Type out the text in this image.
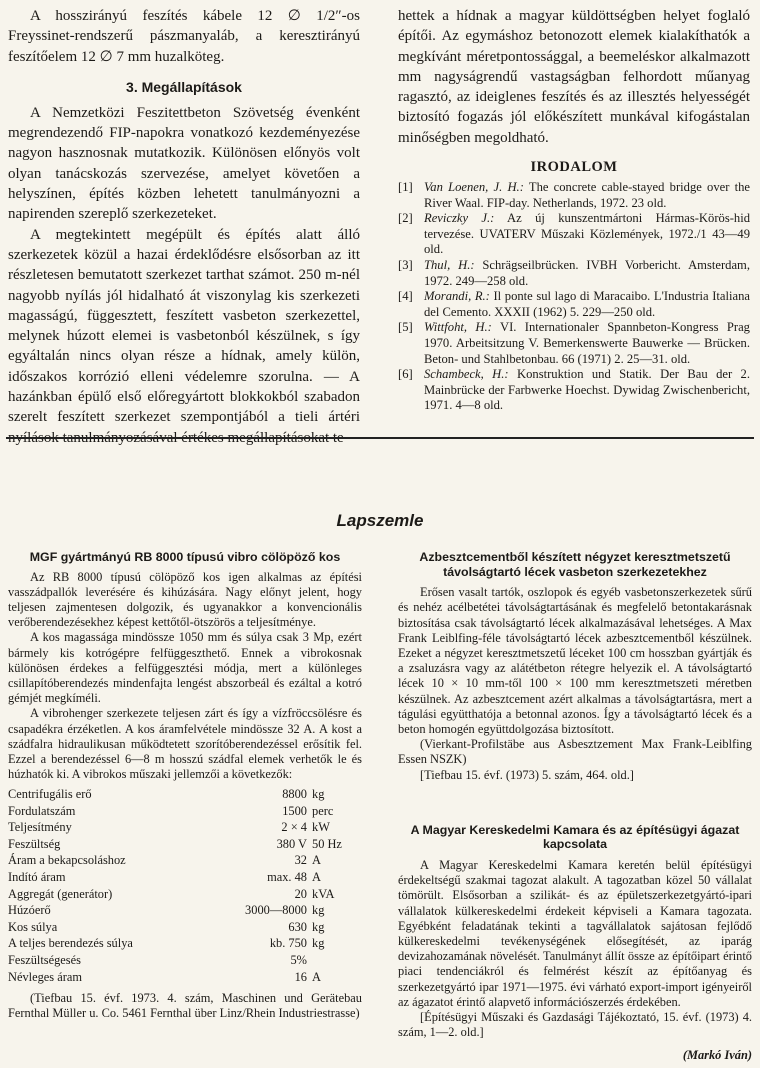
A hosszirányú feszítés kábele 12 ∅ 1/2″-os Freyssinet-rendszerű pászmanyaláb, a keresztirányú feszítőelem 12 ∅ 7 mm huzalköteg.

3. Megállapítások

A Nemzetközi Feszitettbeton Szövetség évenként megrendezendő FIP-napokra vonatkozó kezdeményezése nagyon hasznosnak mutatkozik. Különösen előnyös volt olyan tanácskozás szervezése, amelyet követően a helyszínen, építés közben lehetett tanulmányozni a napirenden szereplő szerkezeteket.

A megtekintett megépült és építés alatt álló szerkezetek közül a hazai érdeklődésre elsősorban az itt részletesen bemutatott szerkezet tarthat számot. 250 m-nél nagyobb nyílás jól hidalható át viszonylag kis szerkezeti magasságú, függesztett, feszített vasbeton szerkezettel, melynek húzott elemei is vasbetonból készülnek, s így egyáltalán nincs olyan része a hídnak, amely külön, időszakos korrózió elleni védelemre szorulna. — A hazánkban épülő első előregyártott blokkokból szabadon szerelt feszített szerkezet szempontjából a tieli ártéri nyílások tanulmányozásával értékes megállapításokat te-

hettek a hídnak a magyar küldöttségben helyet foglaló építői. Az egymáshoz betonozott elemek kialakíthatók a megkívánt méretpontossággal, a beemeléskor alkalmazott mm nagyságrendű vastagságban felhordott műanyag ragasztó, az ideiglenes feszítés és az illesztés helyességét biztosító fogazás jól előkészített munkával kifogástalan minőségben megoldható.

IRODALOM
[1] Van Loenen, J. H.: The concrete cable-stayed bridge over the River Waal. FIP-day. Netherlands, 1972. 23 old.
[2] Reviczky J.: Az új kunszentmártoni Hármas-Körös-hid tervezése. UVATERV Műszaki Közlemények, 1972./1 43—49 old.
[3] Thul, H.: Schrägseilbrücken. IVBH Vorbericht. Amsterdam, 1972. 249—258 old.
[4] Morandi, R.: Il ponte sul lago di Maracaibo. L'Industria Italiana del Cemento. XXXII (1962) 5. 229—250 old.
[5] Wittfoht, H.: VI. Internationaler Spannbeton-Kongress Prag 1970. Arbeitsitzung V. Bemerkenswerte Bauwerke — Brücken. Beton- und Stahlbetonbau. 66 (1971) 2. 25—31. old.
[6] Schambeck, H.: Konstruktion und Statik. Der Bau der 2. Mainbrücke der Farbwerke Hoechst. Dywidag Zwischenbericht, 1971. 4—8 old.
Lapszemle
MGF gyártmányú RB 8000 típusú vibro cölöpöző kos

Az RB 8000 típusú cölöpöző kos igen alkalmas az építési vasszádpallók leverésére és kihúzására. Nagy előnyt jelent, hogy teljesen zajmentesen dolgozik, és ugyanakkor a konvencionális verőberendezésekhez képest kettőtől-ötszörös a teljesítménye.

A kos magassága mindössze 1050 mm és súlya csak 3 Mp, ezért bármely kis kotrógépre felfüggeszthető. Ennek a vibrokosnak különösen érdekes a felfüggesztési módja, mert a különleges csillapítóberendezés mindenfajta lengést abszorbeál és ezáltal a kotró gémjét megkíméli.

A vibrohenger szerkezete teljesen zárt és így a vízfröccsölésre és csapadékra érzéketlen. A kos áramfelvétele mindössze 32 A. A kost a szádfalra hidraulikusan működtetett szorítóberendezéssel erősítik fel. Ezzel a berendezéssel 6—8 m hosszú szádfal elemek verhetők le és húzhatók ki. A vibrokos műszaki jellemzői a következők:

Centrifugális erő	8800	kg
Fordulatszám	1500	perc
Teljesítmény	2 × 4	kW
Feszültség	380 V	50 Hz
Áram a bekapcsoláshoz	32	A
Indító áram	max. 48	A
Aggregát (generátor)	20	kVA
Húzóerő	3000—8000	kg
Kos súlya	630	kg
A teljes berendezés súlya	kb. 750	kg
Feszültségesés	5%	
Névleges áram	16	A

(Tiefbau 15. évf. 1973. 4. szám, Maschinen und Gerätebau Fernthal Müller u. Co. 5461 Fernthal über Linz/Rhein Industriestrasse)

Azbesztcementből készített négyzet keresztmetszetű távolságtartó lécek vasbeton szerkezetekhez

Erősen vasalt tartók, oszlopok és egyéb vasbetonszerkezetek sűrű és nehéz acélbetétei távolságtartásának és megfelelő betontakarásnak biztosítása csak távolságtartó lécek alkalmazásával lehetséges. A Max Frank Leiblfing-féle távolságtartó lécek azbesztcementből készülnek. Ezeket a négyzet keresztmetszetű léceket 100 cm hosszban gyártják és a zsaluzásra vagy az alátétbeton rétegre helyezik el. A távolságtartó lécek 10 × 10 mm-től 100 × 100 mm keresztmetszeti méretben készülnek. Az azbesztcement azért alkalmas a távolságtartásra, mert a tágulási együtthatója a betonnal azonos. Így a távolságtartó lécek és a beton homogén együttdolgozása biztosított.

(Vierkant-Profilstäbe aus Asbesztzement Max Frank-Leiblfing Essen NSZK)

[Tiefbau 15. évf. (1973) 5. szám, 464. old.]

A Magyar Kereskedelmi Kamara és az építésügyi ágazat kapcsolata

A Magyar Kereskedelmi Kamara keretén belül építésügyi érdekeltségű szakmai tagozat alakult. A tagozatban közel 50 vállalat tömörült. Elsősorban a szilikát- és az épületszerkezetgyártó-ipari vállalatok külkereskedelmi érdekeit képviseli a Kamara tagozata. Egyébként feladatának tekinti a tagvállalatok sajátosan fejlődő külkereskedelmi tevékenységének elősegítését, az iparág devizahozamának növelését. Tanulmányt állít össze az építőipart érintő piaci tendenciákról és felmérést készít az építőanyag és szerkezetgyártó ipar 1971—1975. évi várható export-import igényeiről az ágazatot érintő alapvető információszerzés érdekében.

[Építésügyi Műszaki és Gazdasági Tájékoztató, 15. évf. (1973) 4. szám, 1—2. old.]

(Markó Iván)
